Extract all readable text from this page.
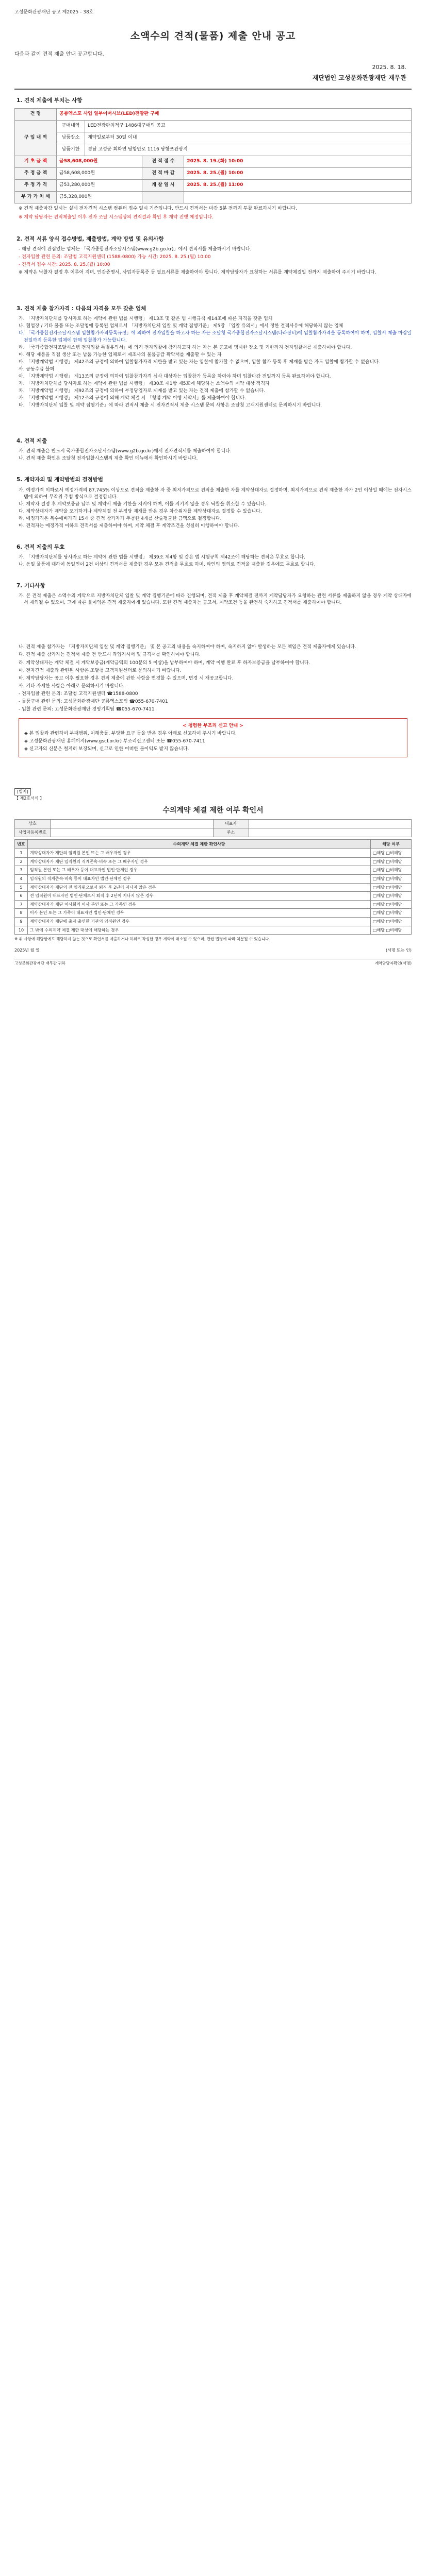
고성문화관광재단 공고 제2025 - 38호
소액수의 견적(물품) 제출 안내 공고
다음과 같이 견적 제출 안내 공고합니다.
2025. 8. 18.
재단법인 고성문화관광재단 재무관
1. 견적 제출에 부치는 사항
건 명	공룡엑스포 사업 일부이머시브(LED)전광판 구매			
구 입 내 역	구매내역	LED전광판최적구 1486대구매의 공고		
	납품장소	계약일로부터 30일 이내		
	납품기한	경남 고성군 회화면 당항만로 1116 당항포관광지		
기 초 금 액	금58,608,000원		견 적 접 수	2025. 8. 19.(화) 10:00
추 정 금 액	금58,608,000원		견 적 마 감	2025. 8. 25.(월) 10:00
추 정 가 격	금53,280,000원		개 찰 일 시	2025. 8. 25.(월) 11:00
부 가 가 치 세	금5,328,000원			
※ 견적 제출마감 일시는 실제 전자견적 시스템 컴퓨터 접수 일시 기준입니다. 반드시 견적서는 마감 5분 전까지 투찰 완료하시기 바랍니다.
※ 계약 담당자는 견적제출일 이후 전자 조달 시스템상의 견적결과 확인 후 계약 진행 예정입니다.
2. 견적 서류 양식 접수방법, 제출방법, 계약 방법 및 유의사항
- 해당 견적에 관심있는 업체는 「국가종합전자조달시스템(www.g2b.go.kr)」에서 견적서를 제출하시기 바랍니다.
- 전자입찰 관련 문의: 조달청 고객지원센터 (1588-0800) 가능 시간: 2025. 8. 25.(월) 10:00
- 견적서 접수 시간: 2025. 8. 25.(월) 10:00
※ 계약은 낙찰자 결정 후 이루어 지며, 인감증명서, 사업자등록증 등 필요서류를 제출하여야 합니다. 계약담당자가 요청하는 서류를 계약체결일 전까지 제출하여 주시기 바랍니다.
3. 견적 제출 참가자격 : 다음의 자격을 모두 갖춘 업체
가. 「지방자치단체를 당사자로 하는 계약에 관한 법률 시행령」 제13조 및 같은 법 시행규칙 제14조에 따른 자격을 갖춘 업체
나. 협업장 / 기타 물품 또는 조달청에 등록된 업체로서 「지방자치단체 입찰 및 계약 집행기준」 제5장 「입찰 유의서」에서 정한 결격사유에 해당하지 않는 업체
다. 「국가종합전자조달시스템 입찰참가자격등록규정」에 의하여 전자입찰을 하고자 하는 자는 조달청 국가종합전자조달시스템(나라장터)에 입찰참가자격을 등록하여야 하며, 입찰서 제출 마감일 전일까지 등록한 업체에 한해 입찰참가 가능합니다.
라. 「국가종합전자조달시스템 전자입찰 특별유의서」에 의거 전자입찰에 참가하고자 하는 자는 본 공고에 명시한 장소 및 기한까지 전자입찰서를 제출하여야 합니다.
마. 해당 제품을 직접 생산 또는 납품 가능한 업체로서 제조사의 물품공급 확약서를 제출할 수 있는 자
바. 「지방계약법 시행령」 제42조의 규정에 의하여 입찰참가자격 제한을 받고 있는 자는 입찰에 참가할 수 없으며, 입찰 참가 등록 후 제재를 받은 자도 입찰에 참가할 수 없습니다.
사. 공동수급 불허
아. 「지방계약법 시행령」 제13조의 규정에 의하여 입찰참가자격 심사 대상자는 입찰참가 등록을 하여야 하며 입찰마감 전일까지 등록 완료하여야 합니다.
자. 「지방자치단체를 당사자로 하는 계약에 관한 법률 시행령」 제30조 제1항 제5호에 해당하는 소액수의 계약 대상 적격자
차. 「지방계약법 시행령」 제92조의 규정에 의하여 부정당업자로 제재를 받고 있는 자는 견적 제출에 참가할 수 없습니다.
카. 「지방계약법 시행령」 제12조의 규정에 의해 계약 체결 시 「청렴 계약 이행 서약서」를 제출하여야 합니다.
타. 「지방자치단체 입찰 및 계약 집행기준」에 따라 견적서 제출 시 전자견적서 제출 시스템 문의 사항은 조달청 고객지원센터로 문의하시기 바랍니다.
4. 견적 제출
가. 견적 제출은 반드시 국가종합전자조달시스템(www.g2b.go.kr)에서 전자견적서를 제출하여야 합니다.
나. 견적 제출 확인은 조달청 전자입찰시스템의 제출 확인 메뉴에서 확인하시기 바랍니다.
5. 계약자의 및 계약방법의 결정방법
가. 예정가격 이하로서 예정가격의 87.745% 이상으로 견적을 제출한 자 중 최저가격으로 견적을 제출한 자를 계약상대자로 결정하며, 최저가격으로 견적 제출한 자가 2인 이상일 때에는 전자시스템에 의하여 무작위 추첨 방식으로 결정합니다.
나. 계약자 결정 후 계약보증금 납부 및 계약서 제출 기한을 지켜야 하며, 이를 지키지 않을 경우 낙찰을 취소할 수 있습니다.
다. 계약상대자가 계약을 포기하거나 계약체결 전 부정당 제재를 받은 경우 차순위자를 계약상대자로 결정할 수 있습니다.
라. 예정가격은 복수예비가격 15개 중 견적 참가자가 추첨한 4개를 산술평균한 금액으로 결정합니다.
마. 견적자는 예정가격 이하로 견적서를 제출하여야 하며, 계약 체결 후 계약조건을 성실히 이행하여야 합니다.
6. 견적 제출의 무효
가. 「지방자치단체를 당사자로 하는 계약에 관한 법률 시행령」 제39조 제4항 및 같은 법 시행규칙 제42조에 해당하는 견적은 무효로 합니다.
나. 동일 물품에 대하여 동일인이 2건 이상의 견적서를 제출한 경우 모든 견적을 무효로 하며, 타인의 명의로 견적을 제출한 경우에도 무효로 합니다.
7. 기타사항
가. 본 견적 제출은 소액수의 계약으로 지방자치단체 입찰 및 계약 집행기준에 따라 진행되며, 견적 제출 후 계약체결 전까지 계약담당자가 요청하는 관련 서류를 제출하지 않을 경우 계약 상대자에서 제외될 수 있으며, 그에 따른 불이익은 견적 제출자에게 있습니다. 또한 견적 제출자는 공고서, 계약조건 등을 완전히 숙지하고 견적서를 제출하여야 합니다.
나. 견적 제출 참가자는 「지방자치단체 입찰 및 계약 집행기준」 및 본 공고의 내용을 숙지하여야 하며, 숙지하지 않아 발생하는 모든 책임은 견적 제출자에게 있습니다.
다. 견적 제출 참가자는 견적서 제출 전 반드시 과업지시서 및 규격서를 확인하여야 합니다.
라. 계약상대자는 계약 체결 시 계약보증금(계약금액의 100분의 5 이상)을 납부하여야 하며, 계약 이행 완료 후 하자보증금을 납부하여야 합니다.
마. 전자견적 제출과 관련된 사항은 조달청 고객지원센터로 문의하시기 바랍니다.
바. 계약담당자는 공고 이후 필요한 경우 견적 제출에 관한 사항을 변경할 수 있으며, 변경 시 재공고합니다.
사. 기타 자세한 사항은 아래로 문의하시기 바랍니다.
- 전자입찰 관련 문의: 조달청 고객지원센터 ☎1588-0800
- 물품구매 관련 문의: 고성문화관광재단 공룡엑스포팀 ☎055-670-7401
- 입찰 관련 문의: 고성문화관광재단 경영기획팀 ☎055-670-7411
< 청렴한 부조리 신고 안내 >
◈ 본 입찰과 관련하여 부패행위, 이해충돌, 부당한 요구 등을 받은 경우 아래로 신고하여 주시기 바랍니다.
◈ 고성문화관광재단 홈페이지(www.gscf.or.kr) 부조리신고센터 또는 ☎055-670-7411
◈ 신고자의 신분은 철저히 보장되며, 신고로 인한 어떠한 불이익도 받지 않습니다.
[별지]
【 제2호서식 】
수의계약 체결 제한 여부 확인서
상호		대표자	
사업자등록번호		주소	
번호	수의계약 체결 제한 확인사항	해당 여부
1	계약상대자가 재단의 임직원 본인 또는 그 배우자인 경우	□해당 □비해당
2	계약상대자가 재단 임직원의 직계존속·비속 또는 그 배우자인 경우	□해당 □비해당
3	임직원 본인 또는 그 배우자 등이 대표자인 법인·단체인 경우	□해당 □비해당
4	임직원의 직계존속·비속 등이 대표자인 법인·단체인 경우	□해당 □비해당
5	계약상대자가 재단의 전 임직원으로서 퇴직 후 2년이 지나지 않은 경우	□해당 □비해당
6	전 임직원이 대표자인 법인·단체로서 퇴직 후 2년이 지나지 않은 경우	□해당 □비해당
7	계약상대자가 재단 이사회의 이사 본인 또는 그 가족인 경우	□해당 □비해당
8	이사 본인 또는 그 가족이 대표자인 법인·단체인 경우	□해당 □비해당
9	계약상대자가 재단에 출자·출연한 기관의 임직원인 경우	□해당 □비해당
10	그 밖에 수의계약 체결 제한 대상에 해당하는 경우	□해당 □비해당
※ 위 사항에 해당함에도 해당하지 않는 것으로 확인서를 제출하거나 허위로 작성한 경우 계약이 취소될 수 있으며, 관련 법령에 따라 처분될 수 있습니다.
2025년 월 일	(서명 또는 인)
고성문화관광재단 재무관 귀하	계약담당자확인(서명)
